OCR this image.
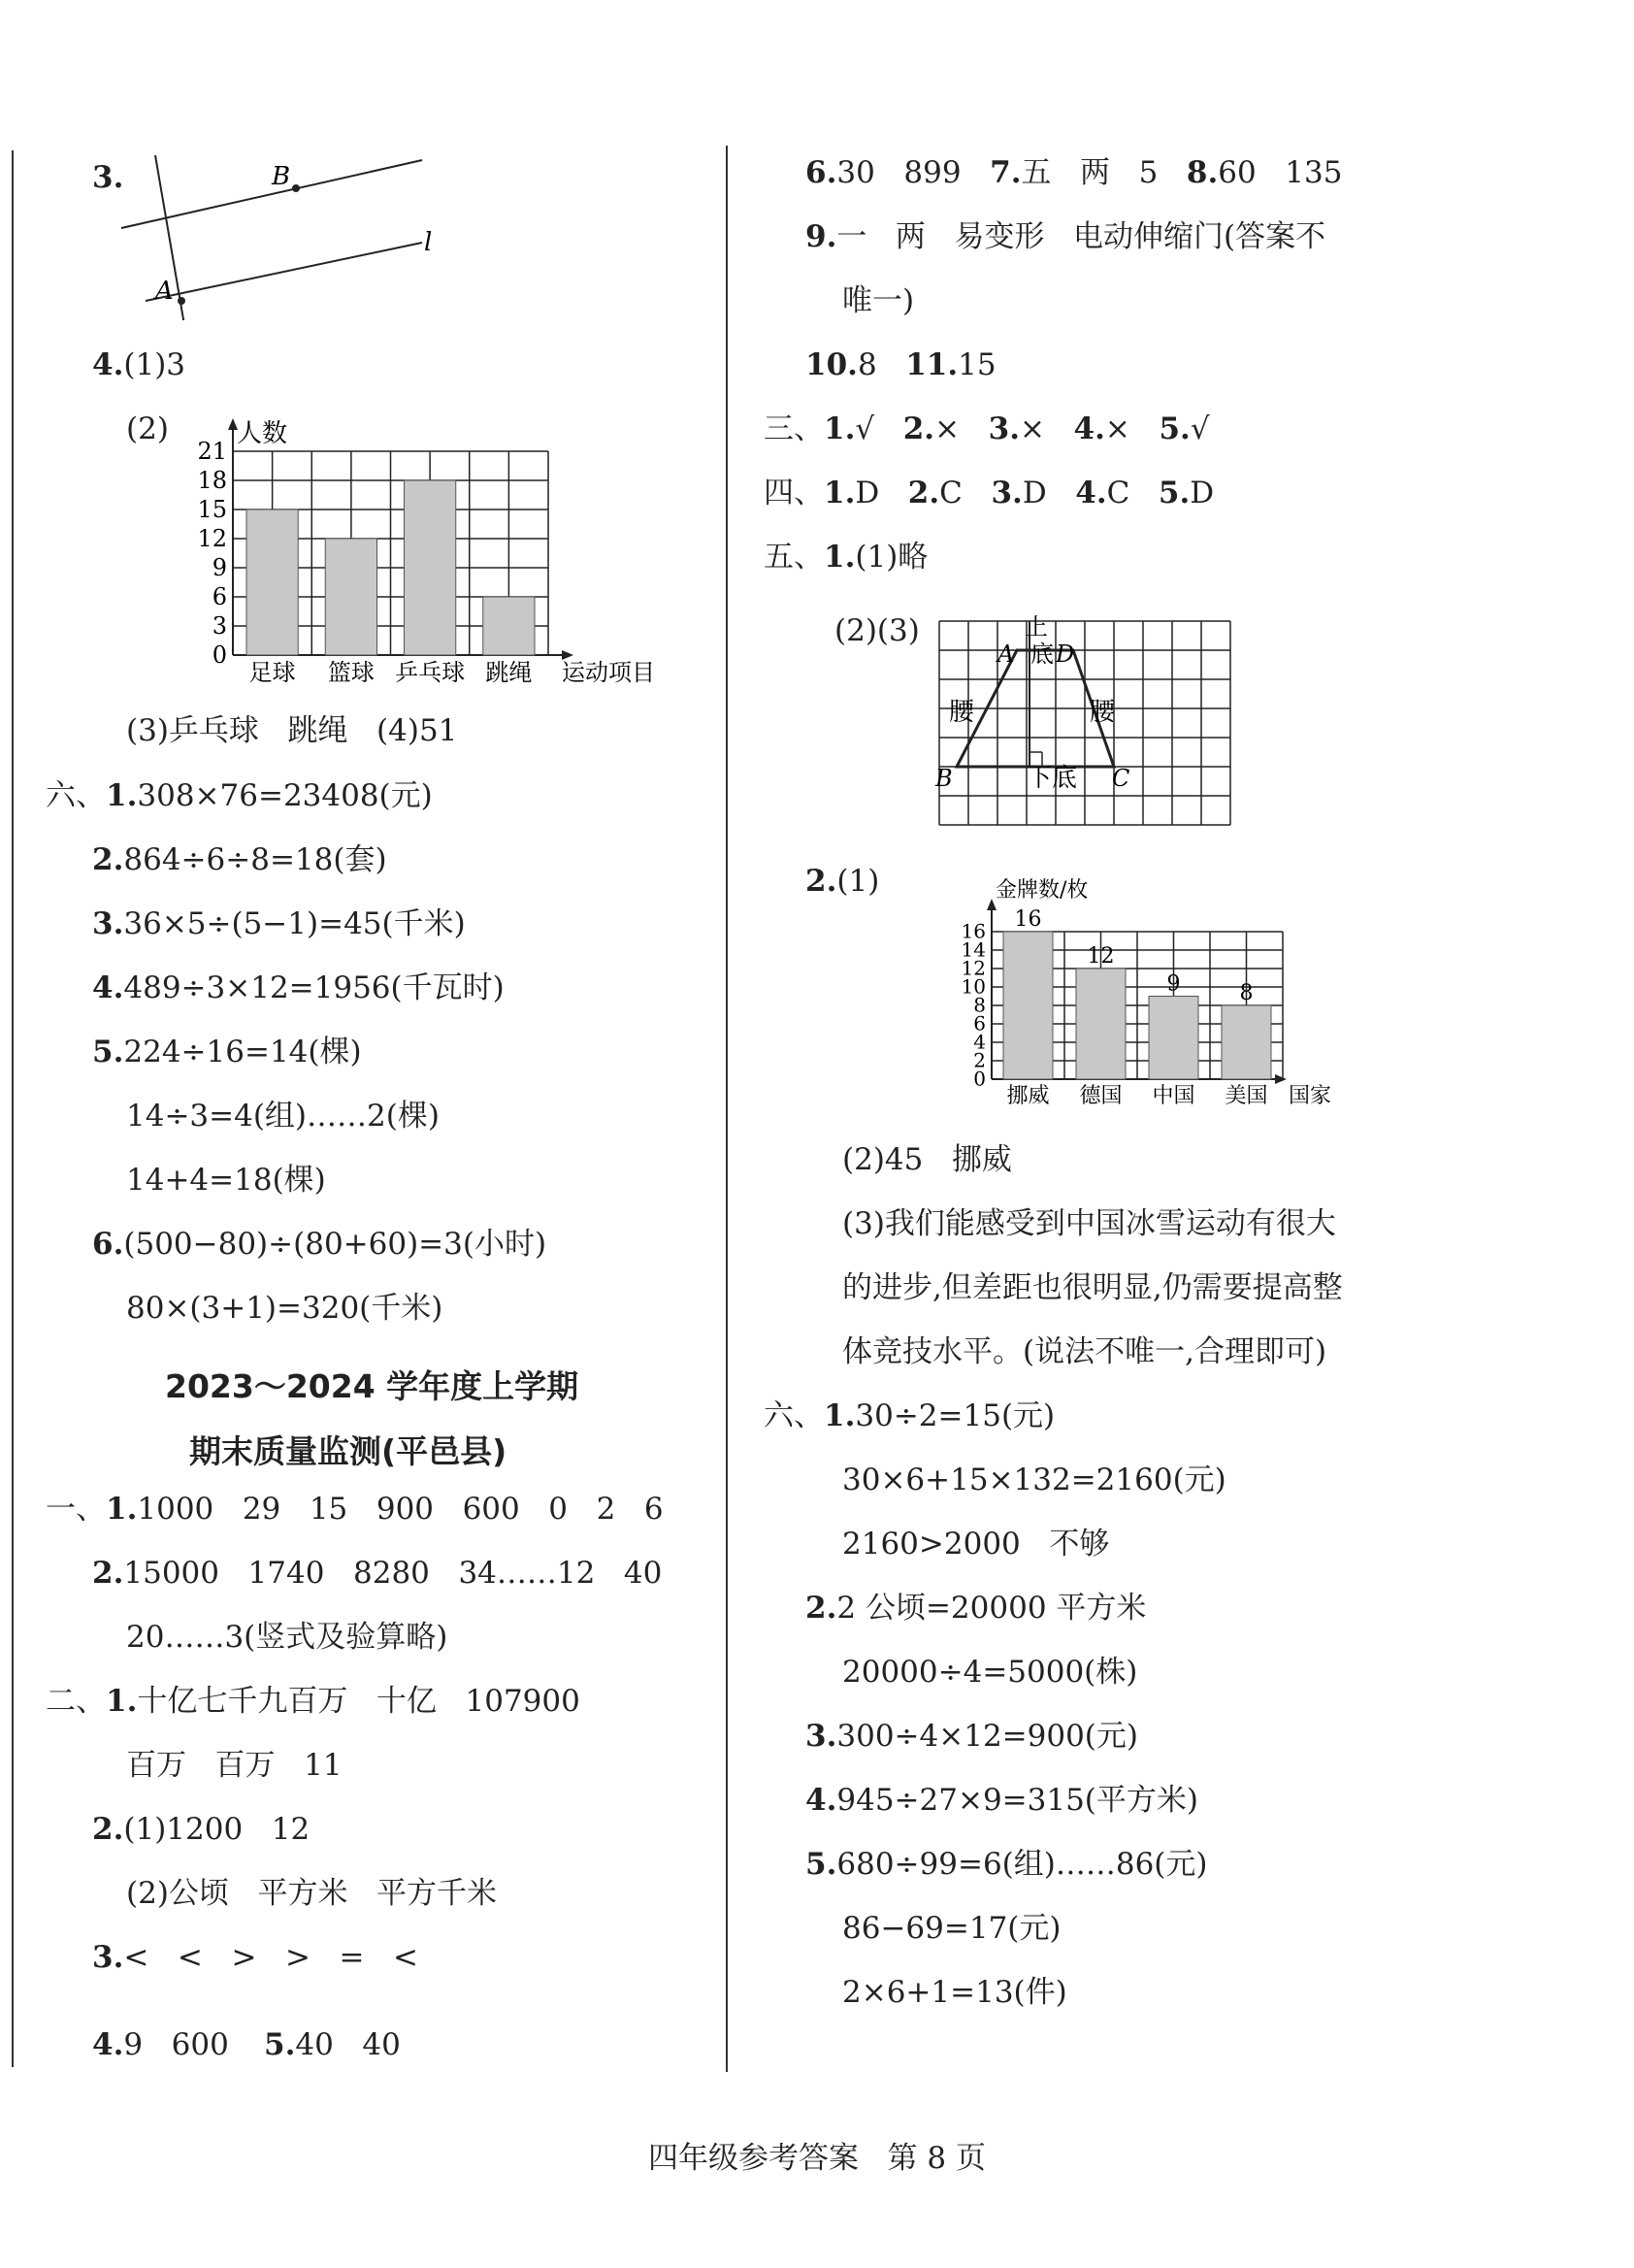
3.	B
A
l
4.(1)3
(2)
0
3
6
9
12
15
18
21
人数
足球 篮球 乒乓球 跳绳 运动项目
(3)乒乓球   跳绳   (4)51
六、1.308×76=23408(元)
2.864÷6÷8=18(套)
3.36×5÷(5−1)=45(千米)
4.489÷3×12=1956(千瓦时)
5.224÷16=14(棵)
14÷3=4(组)……2(棵)
14+4=18(棵)
6.(500−80)÷(80+60)=3(小时)
80×(3+1)=320(千米)
2023～2024 学年度上学期
期末质量监测(平邑县)
一、1.1000   29   15   900   600   0   2   6
2.15000   1740   8280   34……12   40
20……3(竖式及验算略)
二、1.十亿七千九百万   十亿   107900
百万   百万   11
2.(1)1200   12
(2)公顷   平方米   平方千米
3.<   <   >   >   =   <
4.9   600 5.40   40
6.30   899   7.五   两   5   8.60   135
9.一   两   易变形   电动伸缩门(答案不
唯一)
10.8   11.15
三、1.√   2.×   3.×   4.×   5.√
四、1.D   2.C   3.D   4.C   5.D
五、1.(1)略
(2)(3)	上
底
A D
腰	腰
B	C
下底
2.(1)
0
2
4
6
8
10
12
14
16
金牌数/枚
挪威
16
德国
12
中国
9
美国
8
国家
(2)45   挪威
(3)我们能感受到中国冰雪运动有很大
的进步,但差距也很明显,仍需要提高整
体竞技水平。(说法不唯一,合理即可)
六、1.30÷2=15(元)
30×6+15×132=2160(元)
2160>2000   不够
2.2 公顷=20000 平方米
20000÷4=5000(株)
3.300÷4×12=900(元)
4.945÷27×9=315(平方米)
5.680÷99=6(组)……86(元)
86−69=17(元)
2×6+1=13(件)
四年级参考答案   第 8 页
